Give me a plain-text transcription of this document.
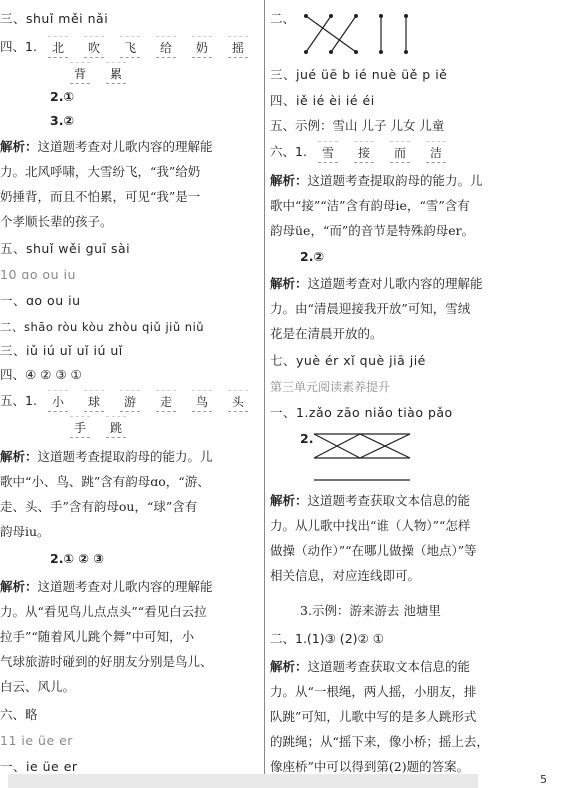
三、shuǐ měi nǎi
四、1.	北	吹	飞	给	奶	摇
背	累
2.①
3.②
解析：这道题考查对儿歌内容的理解能
力。北风呼啸，大雪纷飞，“我”给奶
奶捶背，而且不怕累，可见“我”是一
个孝顺长辈的孩子。
五、shuǐ wěi guī sài
10 ɑo ou iu
一、ɑo ou iu
二、shāo ròu kòu zhòu qiǔ jiǔ niǔ
三、iǔ iú uǐ uǐ iú uǐ
四、④ ② ③ ①
五、1.	小	球	游	走	鸟	头
手	跳
解析：这道题考查提取韵母的能力。儿
歌中“小、鸟、跳”含有韵母ɑo，“游、
走、头、手”含有韵母ou，“球”含有
韵母iu。
2.① ② ③
解析：这道题考查对儿歌内容的理解能
力。从“看见鸟儿点点头”“看见白云拉
拉手”“随着风儿跳个舞”中可知，小
气球旅游时碰到的好朋友分别是鸟儿、
白云、风儿。
六、略
11 ie üe er
一、ie üe er
二、
三、jué üē b ié nuè üě p iě
四、iě ié èi ié éi
五、示例：雪山 儿子 儿女 儿童
六、1.	雪	接	而	洁
解析：这道题考查提取韵母的能力。儿
歌中“接”“洁”含有韵母ie，“雪”含有
韵母üe，“而”的音节是特殊韵母er。
2.②
解析：这道题考查对儿歌内容的理解能
力。由“清晨迎接我开放”可知，雪绒
花是在清晨开放的。
七、yuè ér xǐ què jiā jié
第三单元阅读素养提升
一、1.zǎo zāo niǎo tiào pǎo
2.
解析：这道题考查获取文本信息的能
力。从儿歌中找出“谁（人物）”“怎样
做操（动作）”“在哪儿做操（地点）”等
相关信息，对应连线即可。
3.示例：游来游去 池塘里
二、1.(1)③ (2)② ①
解析：这道题考查获取文本信息的能
力。从“一根绳，两人摇，小朋友，排
队跳”可知，儿歌中写的是多人跳形式
的跳绳；从“摇下来，像小桥；摇上去，
像座桥”中可以得到第(2)题的答案。
5
